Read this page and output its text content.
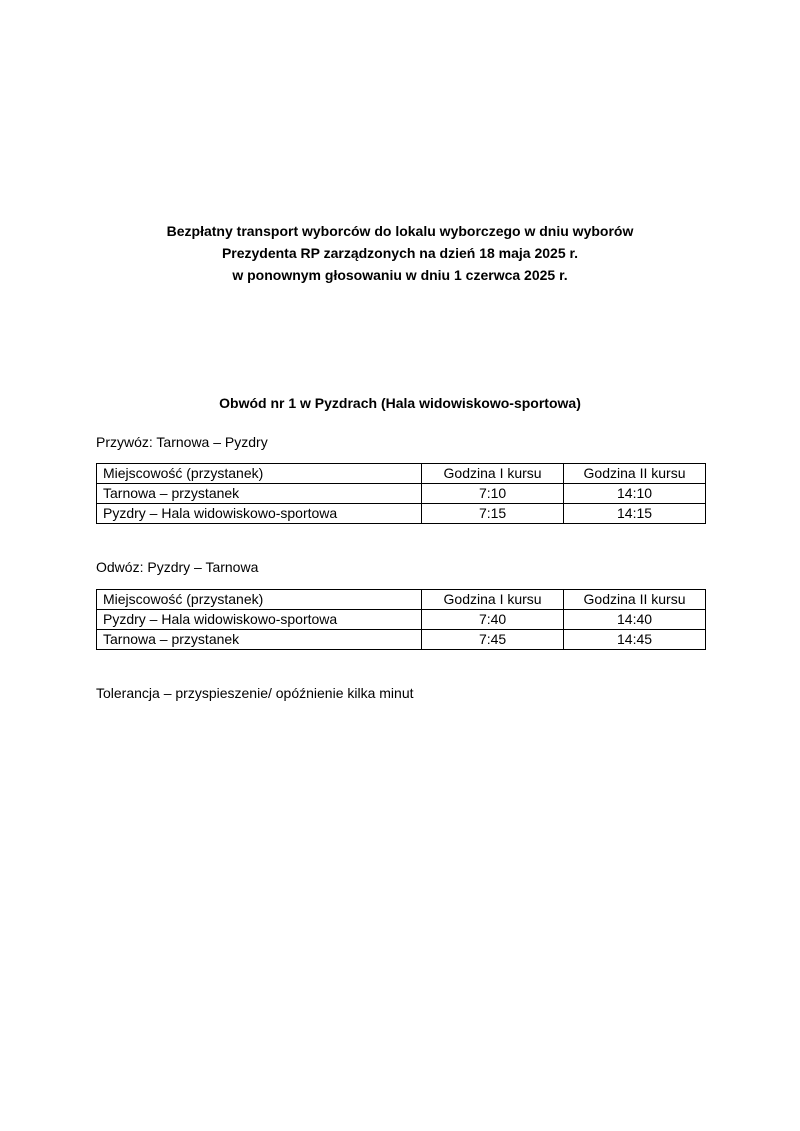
Bezpłatny transport wyborców do lokalu wyborczego w dniu wyborów
Prezydenta RP zarządzonych na dzień 18 maja 2025 r.
w ponownym głosowaniu w dniu 1 czerwca 2025 r.
Obwód nr 1 w Pyzdrach (Hala widowiskowo-sportowa)
Przywóz: Tarnowa – Pyzdry
Miejscowość (przystanek)	Godzina I kursu	Godzina II kursu
Tarnowa – przystanek	7:10	14:10
Pyzdry – Hala widowiskowo-sportowa	7:15	14:15
Odwóz: Pyzdry – Tarnowa
Miejscowość (przystanek)	Godzina I kursu	Godzina II kursu
Pyzdry – Hala widowiskowo-sportowa	7:40	14:40
Tarnowa – przystanek	7:45	14:45
Tolerancja – przyspieszenie/ opóźnienie kilka minut
